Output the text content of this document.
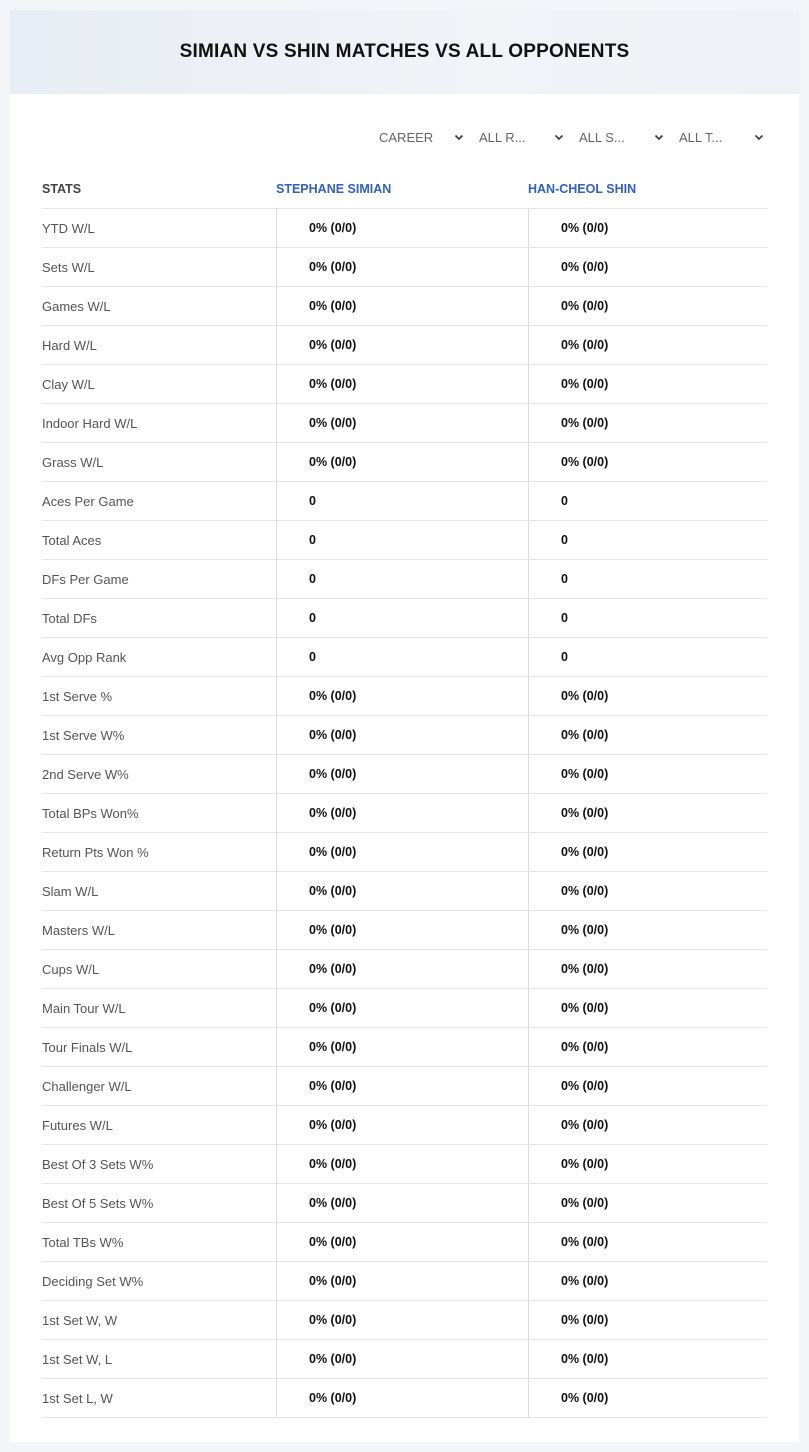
SIMIAN VS SHIN MATCHES VS ALL OPPONENTS
CAREER	ALL R...	ALL S...	ALL T...
STATS	STEPHANE SIMIAN	HAN-CHEOL SHIN
YTD W/L	0% (0/0)	0% (0/0)
Sets W/L	0% (0/0)	0% (0/0)
Games W/L	0% (0/0)	0% (0/0)
Hard W/L	0% (0/0)	0% (0/0)
Clay W/L	0% (0/0)	0% (0/0)
Indoor Hard W/L	0% (0/0)	0% (0/0)
Grass W/L	0% (0/0)	0% (0/0)
Aces Per Game	0	0
Total Aces	0	0
DFs Per Game	0	0
Total DFs	0	0
Avg Opp Rank	0	0
1st Serve %	0% (0/0)	0% (0/0)
1st Serve W%	0% (0/0)	0% (0/0)
2nd Serve W%	0% (0/0)	0% (0/0)
Total BPs Won%	0% (0/0)	0% (0/0)
Return Pts Won %	0% (0/0)	0% (0/0)
Slam W/L	0% (0/0)	0% (0/0)
Masters W/L	0% (0/0)	0% (0/0)
Cups W/L	0% (0/0)	0% (0/0)
Main Tour W/L	0% (0/0)	0% (0/0)
Tour Finals W/L	0% (0/0)	0% (0/0)
Challenger W/L	0% (0/0)	0% (0/0)
Futures W/L	0% (0/0)	0% (0/0)
Best Of 3 Sets W%	0% (0/0)	0% (0/0)
Best Of 5 Sets W%	0% (0/0)	0% (0/0)
Total TBs W%	0% (0/0)	0% (0/0)
Deciding Set W%	0% (0/0)	0% (0/0)
1st Set W, W	0% (0/0)	0% (0/0)
1st Set W, L	0% (0/0)	0% (0/0)
1st Set L, W	0% (0/0)	0% (0/0)
